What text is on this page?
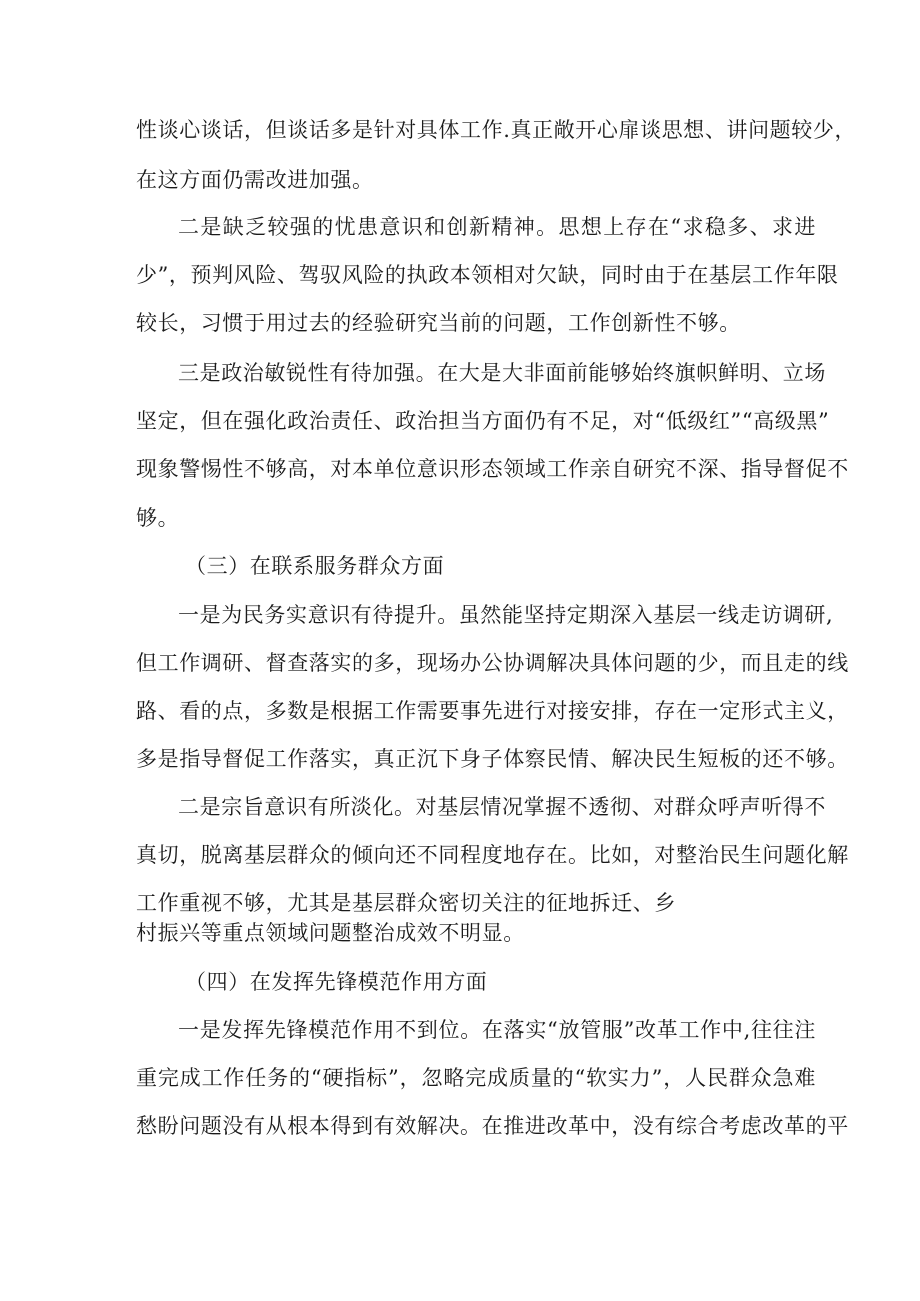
性谈心谈话，但谈话多是针对具体工作.真正敞开心扉谈思想、讲问题较少，
在这方面仍需改进加强。
二是缺乏较强的忧患意识和创新精神。思想上存在“求稳多、求进
少”，预判风险、驾驭风险的执政本领相对欠缺，同时由于在基层工作年限
较长，习惯于用过去的经验研究当前的问题，工作创新性不够。
三是政治敏锐性有待加强。在大是大非面前能够始终旗帜鲜明、立场
坚定，但在强化政治责任、政治担当方面仍有不足，对“低级红”“高级黑”
现象警惕性不够高，对本单位意识形态领域工作亲自研究不深、指导督促不
够。
（三）在联系服务群众方面
一是为民务实意识有待提升。虽然能坚持定期深入基层一线走访调研,
但工作调研、督查落实的多，现场办公协调解决具体问题的少，而且走的线
路、看的点，多数是根据工作需要事先进行对接安排，存在一定形式主义，
多是指导督促工作落实，真正沉下身子体察民情、解决民生短板的还不够。
二是宗旨意识有所淡化。对基层情况掌握不透彻、对群众呼声听得不
真切，脱离基层群众的倾向还不同程度地存在。比如，对整治民生问题化解
工作重视不够，尤其是基层群众密切关注的征地拆迁、乡
村振兴等重点领域问题整治成效不明显。
（四）在发挥先锋模范作用方面
一是发挥先锋模范作用不到位。在落实“放管服”改革工作中,往往注
重完成工作任务的“硬指标”，忽略完成质量的“软实力”，人民群众急难
愁盼问题没有从根本得到有效解决。在推进改革中，没有综合考虑改革的平
